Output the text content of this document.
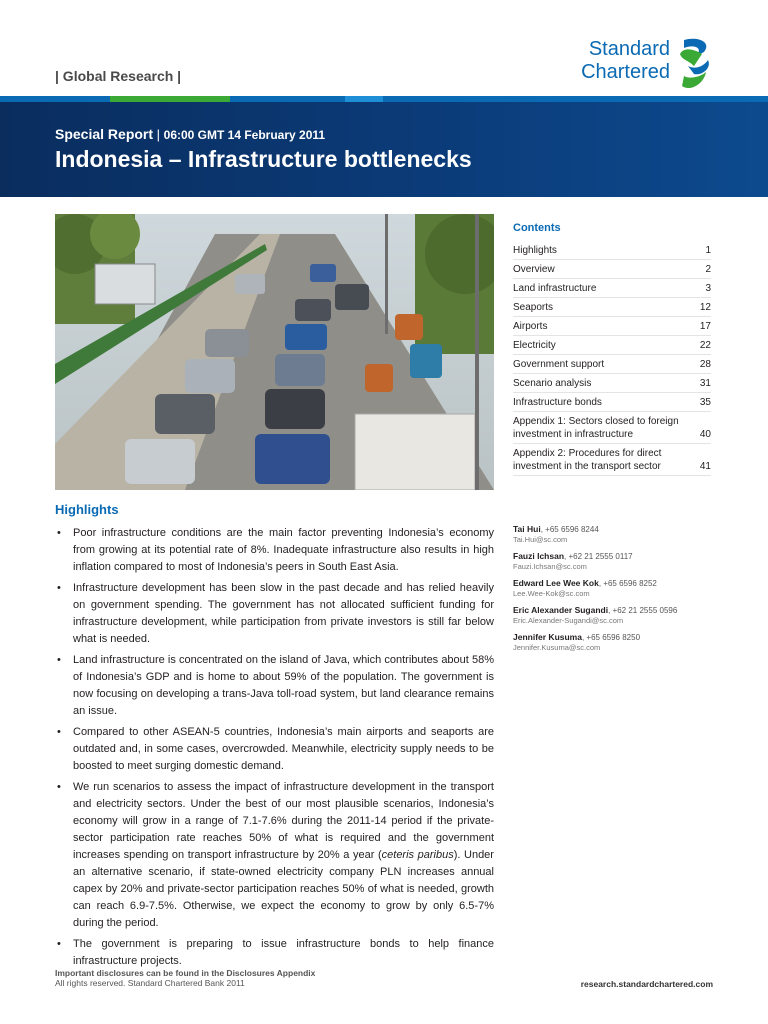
| Global Research |
Standard
Chartered
Special Report | 06:00 GMT 14 February 2011
Indonesia – Infrastructure bottlenecks
Contents
Highlights	1
Overview	2
Land infrastructure	3
Seaports	12
Airports	17
Electricity	22
Government support	28
Scenario analysis	31
Infrastructure bonds	35
Appendix 1: Sectors closed to foreign investment in infrastructure	40
Appendix 2: Procedures for direct investment in the transport sector	41
Highlights
• Poor infrastructure conditions are the main factor preventing Indonesia’s economy from growing at its potential rate of 8%. Inadequate infrastructure also results in high inflation compared to most of Indonesia’s peers in South East Asia.
• Infrastructure development has been slow in the past decade and has relied heavily on government spending. The government has not allocated sufficient funding for infrastructure development, while participation from private investors is still far below what is needed.
• Land infrastructure is concentrated on the island of Java, which contributes about 58% of Indonesia’s GDP and is home to about 59% of the population. The government is now focusing on developing a trans-Java toll-road system, but land clearance remains an issue.
• Compared to other ASEAN-5 countries, Indonesia’s main airports and seaports are outdated and, in some cases, overcrowded. Meanwhile, electricity supply needs to be boosted to meet surging domestic demand.
• We run scenarios to assess the impact of infrastructure development in the transport and electricity sectors. Under the best of our most plausible scenarios, Indonesia’s economy will grow in a range of 7.1-7.6% during the 2011-14 period if the private-sector participation rate reaches 50% of what is required and the government increases spending on transport infrastructure by 20% a year (ceteris paribus). Under an alternative scenario, if state-owned electricity company PLN increases annual capex by 20% and private-sector participation reaches 50% of what is needed, growth can reach 6.9-7.5%. Otherwise, we expect the economy to grow by only 6.5-7% during the period.
• The government is preparing to issue infrastructure bonds to help finance infrastructure projects.
Tai Hui, +65 6596 8244
Tai.Hui@sc.com
Fauzi Ichsan, +62 21 2555 0117
Fauzi.Ichsan@sc.com
Edward Lee Wee Kok, +65 6596 8252
Lee.Wee-Kok@sc.com
Eric Alexander Sugandi, +62 21 2555 0596
Eric.Alexander-Sugandi@sc.com
Jennifer Kusuma, +65 6596 8250
Jennifer.Kusuma@sc.com
Important disclosures can be found in the Disclosures Appendix
All rights reserved. Standard Chartered Bank 2011	research.standardchartered.com
